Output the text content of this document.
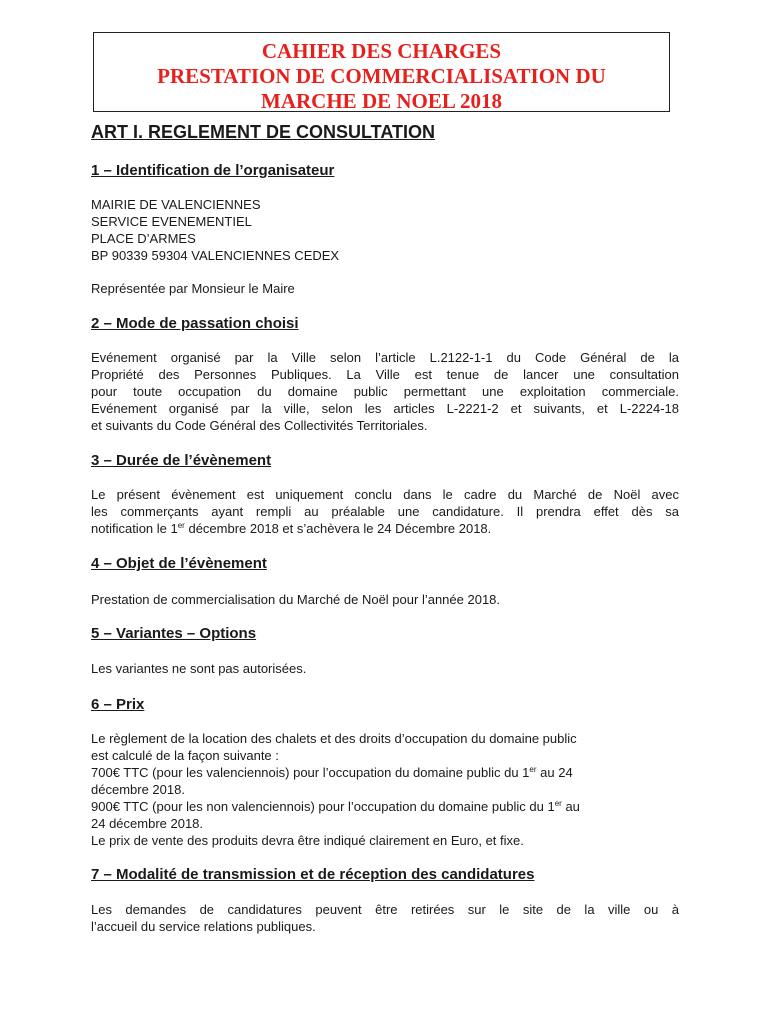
CAHIER DES CHARGES
PRESTATION DE COMMERCIALISATION DU
MARCHE DE NOEL 2018
ART I. REGLEMENT DE CONSULTATION
1 – Identification de l’organisateur
MAIRIE DE VALENCIENNES
SERVICE EVENEMENTIEL
PLACE D’ARMES
BP 90339 59304 VALENCIENNES CEDEX
Représentée par Monsieur le Maire
2 – Mode de passation choisi
Evénement organisé par la Ville selon l’article L.2122-1-1 du Code Général de la
Propriété des Personnes Publiques. La Ville est tenue de lancer une consultation
pour toute occupation du domaine public permettant une exploitation commerciale.
Evénement organisé par la ville, selon les articles L-2221-2 et suivants, et L-2224-18
et suivants du Code Général des Collectivités Territoriales.
3 – Durée de l’évènement
Le présent évènement est uniquement conclu dans le cadre du Marché de Noël avec
les commerçants ayant rempli au préalable une candidature. Il prendra effet dès sa
notification le 1er décembre 2018 et s’achèvera le 24 Décembre 2018.
4 – Objet de l’évènement
Prestation de commercialisation du Marché de Noël pour l’année 2018.
5 – Variantes – Options
Les variantes ne sont pas autorisées.
6 – Prix
Le règlement de la location des chalets et des droits d’occupation du domaine public
est calculé de la façon suivante :
700€ TTC (pour les valenciennois) pour l’occupation du domaine public du 1er au 24
décembre 2018.
900€ TTC (pour les non valenciennois) pour l’occupation du domaine public du 1er au
24 décembre 2018.
Le prix de vente des produits devra être indiqué clairement en Euro, et fixe.
7 – Modalité de transmission et de réception des candidatures
Les demandes de candidatures peuvent être retirées sur le site de la ville ou à
l’accueil du service relations publiques.
